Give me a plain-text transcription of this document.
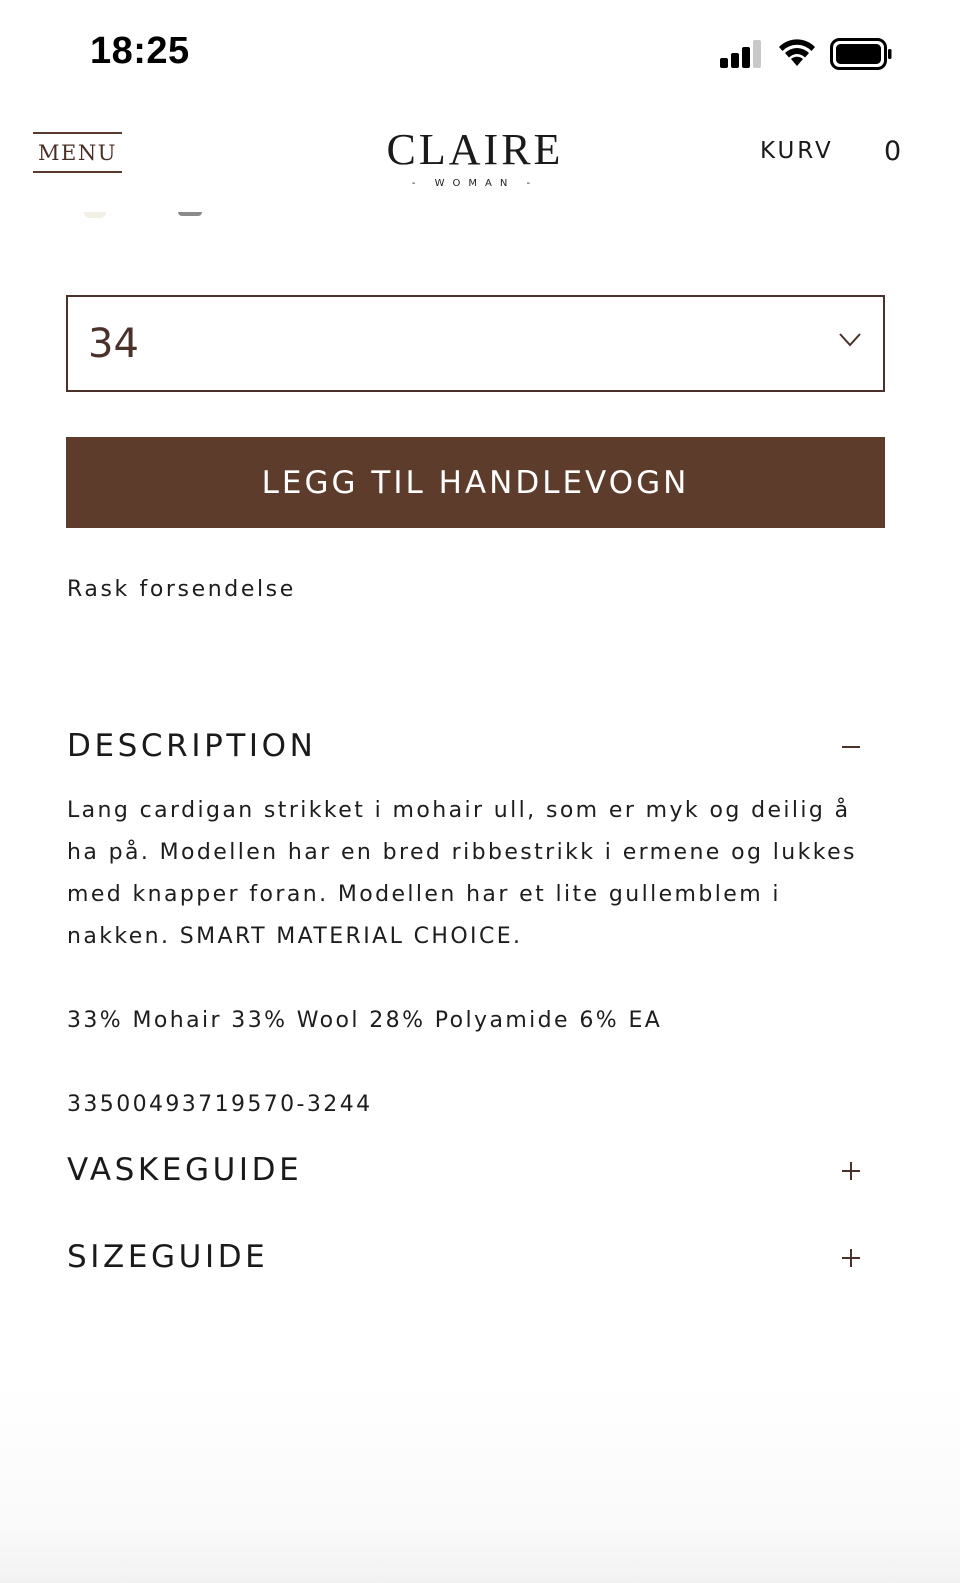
18:25
MENU	CLAIRE
- WOMAN -
KURV 0
34
LEGG TIL HANDLEVOGN
Rask forsendelse
DESCRIPTION

Lang cardigan strikket i mohair ull, som er myk og deilig å ha på. Modellen har en bred ribbestrikk i ermene og lukkes med knapper foran. Modellen har et lite gullemblem i nakken. SMART MATERIAL CHOICE.

33% Mohair 33% Wool 28% Polyamide 6% EA

33500493719570-3244

VASKEGUIDE
SIZEGUIDE
